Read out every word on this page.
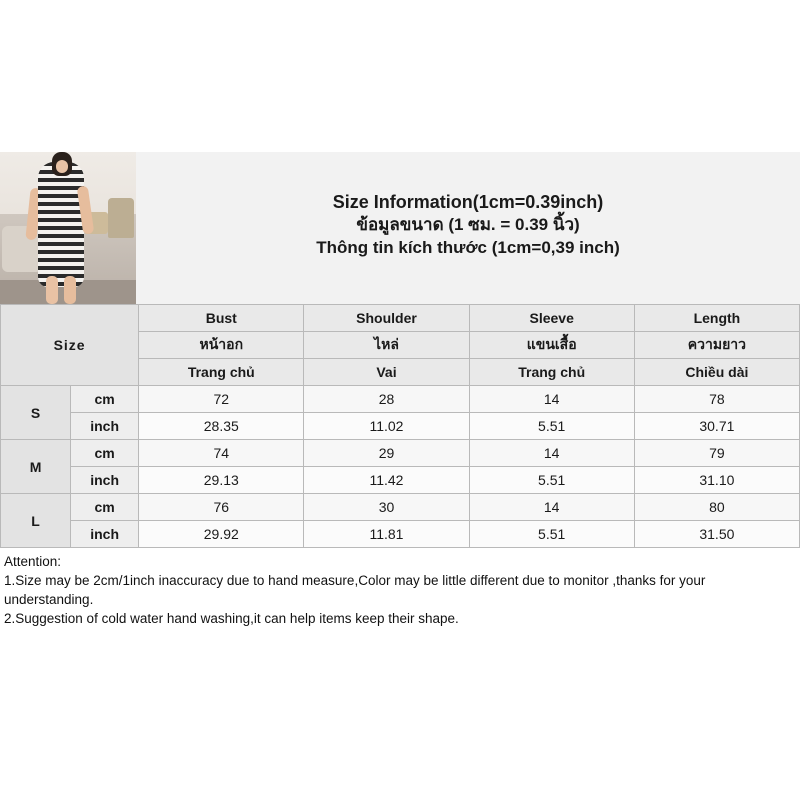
Size Information(1cm=0.39inch)
ข้อมูลขนาด (1 ซม. = 0.39 นิ้ว)
Thông tin kích thước (1cm=0,39 inch)
Size		Bust	Shoulder	Sleeve	Length
		หน้าอก	ไหล่	แขนเสื้อ	ความยาว
		Trang chủ	Vai	Trang chủ	Chiều dài
S	cm	72	28	14	78
	inch	28.35	11.02	5.51	30.71
M	cm	74	29	14	79
	inch	29.13	11.42	5.51	31.10
L	cm	76	30	14	80
	inch	29.92	11.81	5.51	31.50
Attention:
1.Size may be 2cm/1inch inaccuracy due to hand measure,Color may be little different due to monitor ,thanks for your understanding.
2.Suggestion of cold water hand washing,it can help items keep their shape.
